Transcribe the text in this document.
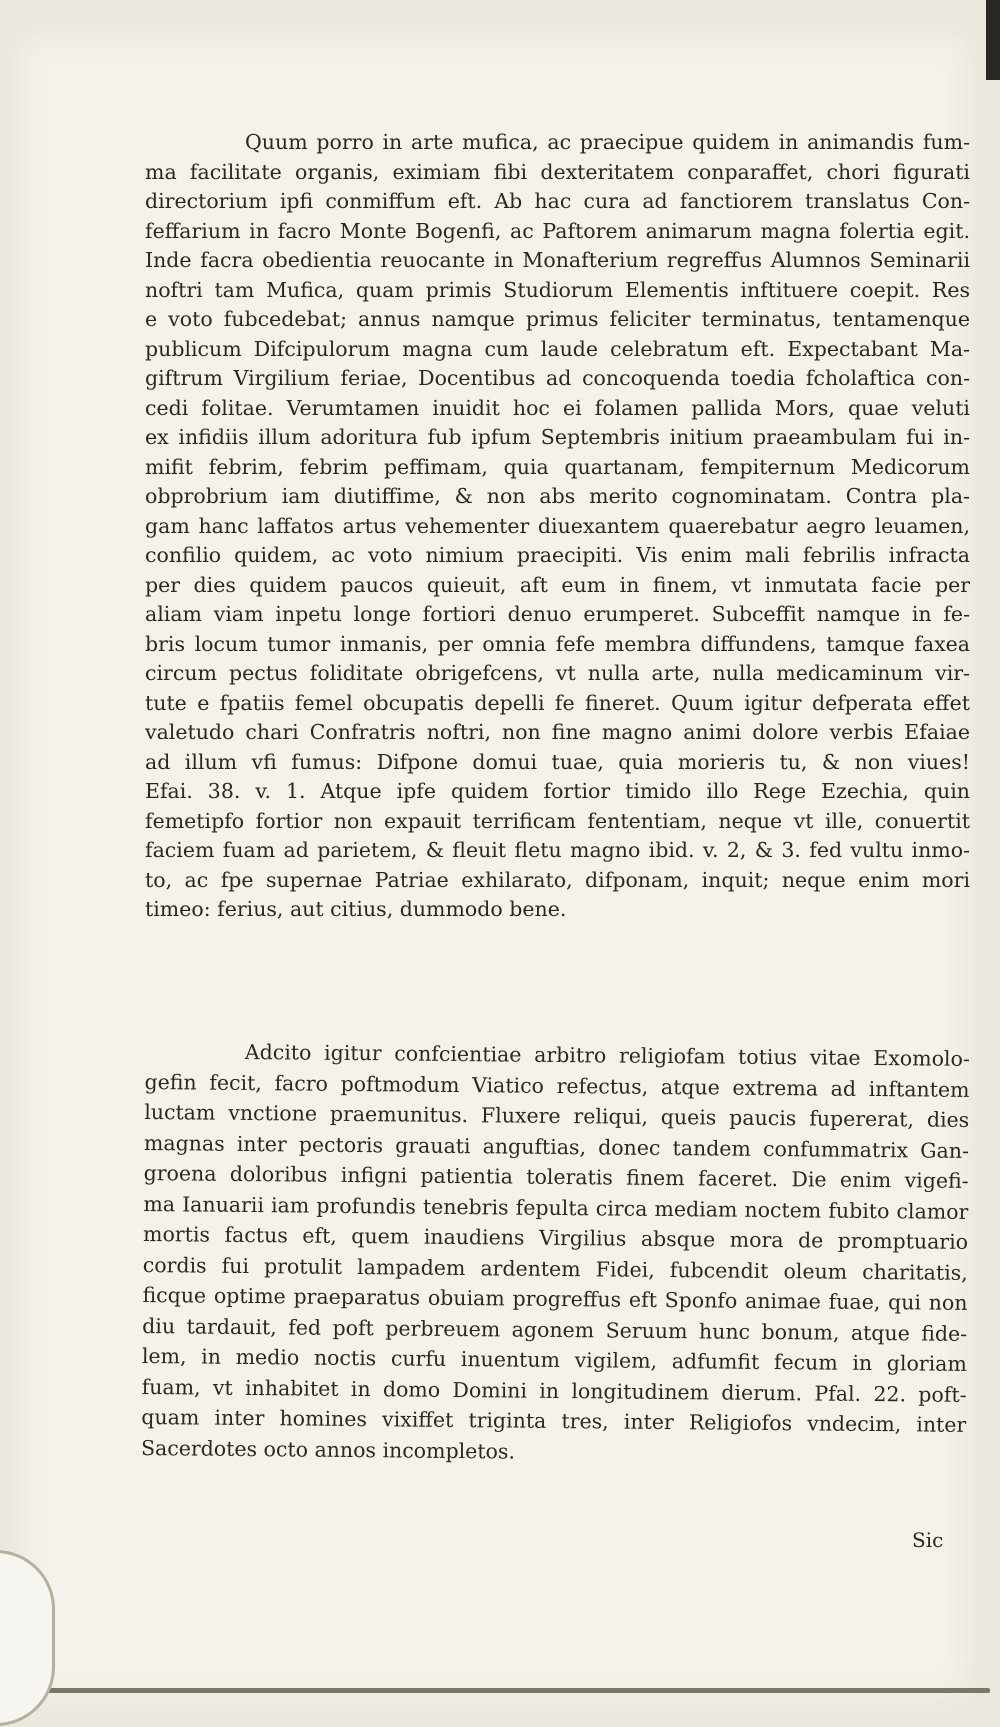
Quum porro in arte mufica, ac praecipue quidem in animandis fum-
ma facilitate organis, eximiam fibi dexteritatem conparaffet, chori figurati
directorium ipfi conmiffum eft. Ab hac cura ad fanctiorem translatus Con-
feffarium in facro Monte Bogenfi, ac Paftorem animarum magna folertia egit.
Inde facra obedientia reuocante in Monafterium regreffus Alumnos Seminarii
noftri tam Mufica, quam primis Studiorum Elementis inftituere coepit. Res
e voto fubcedebat; annus namque primus feliciter terminatus, tentamenque
publicum Difcipulorum magna cum laude celebratum eft. Expectabant Ma-
giftrum Virgilium feriae, Docentibus ad concoquenda toedia fcholaftica con-
cedi folitae. Verumtamen inuidit hoc ei folamen pallida Mors, quae veluti
ex infidiis illum adoritura fub ipfum Septembris initium praeambulam fui in-
mifit febrim, febrim peffimam, quia quartanam, fempiternum Medicorum
obprobrium iam diutiffime, & non abs merito cognominatam. Contra pla-
gam hanc laffatos artus vehementer diuexantem quaerebatur aegro leuamen,
confilio quidem, ac voto nimium praecipiti. Vis enim mali febrilis infracta
per dies quidem paucos quieuit, aft eum in finem, vt inmutata facie per
aliam viam inpetu longe fortiori denuo erumperet. Subceffit namque in fe-
bris locum tumor inmanis, per omnia fefe membra diffundens, tamque faxea
circum pectus foliditate obrigefcens, vt nulla arte, nulla medicaminum vir-
tute e fpatiis femel obcupatis depelli fe fineret. Quum igitur defperata effet
valetudo chari Confratris noftri, non fine magno animi dolore verbis Efaiae
ad illum vfi fumus: Difpone domui tuae, quia morieris tu, & non viues!
Efai. 38. v. 1. Atque ipfe quidem fortior timido illo Rege Ezechia, quin
femetipfo fortior non expauit terrificam fententiam, neque vt ille, conuertit
faciem fuam ad parietem, & fleuit fletu magno ibid. v. 2, & 3. fed vultu inmo-
to, ac fpe supernae Patriae exhilarato, difponam, inquit; neque enim mori
timeo: ferius, aut citius, dummodo bene.
Adcito igitur confcientiae arbitro religiofam totius vitae Exomolo-
gefin fecit, facro poftmodum Viatico refectus, atque extrema ad inftantem
luctam vnctione praemunitus. Fluxere reliqui, queis paucis fupererat, dies
magnas inter pectoris grauati anguftias, donec tandem confummatrix Gan-
groena doloribus infigni patientia toleratis finem faceret. Die enim vigefi-
ma Ianuarii iam profundis tenebris fepulta circa mediam noctem fubito clamor
mortis factus eft, quem inaudiens Virgilius absque mora de promptuario
cordis fui protulit lampadem ardentem Fidei, fubcendit oleum charitatis,
ficque optime praeparatus obuiam progreffus eft Sponfo animae fuae, qui non
diu tardauit, fed poft perbreuem agonem Seruum hunc bonum, atque fide-
lem, in medio noctis curfu inuentum vigilem, adfumfit fecum in gloriam
fuam, vt inhabitet in domo Domini in longitudinem dierum. Pfal. 22. poft-
quam inter homines vixiffet triginta tres, inter Religiofos vndecim, inter
Sacerdotes octo annos incompletos.
Sic
